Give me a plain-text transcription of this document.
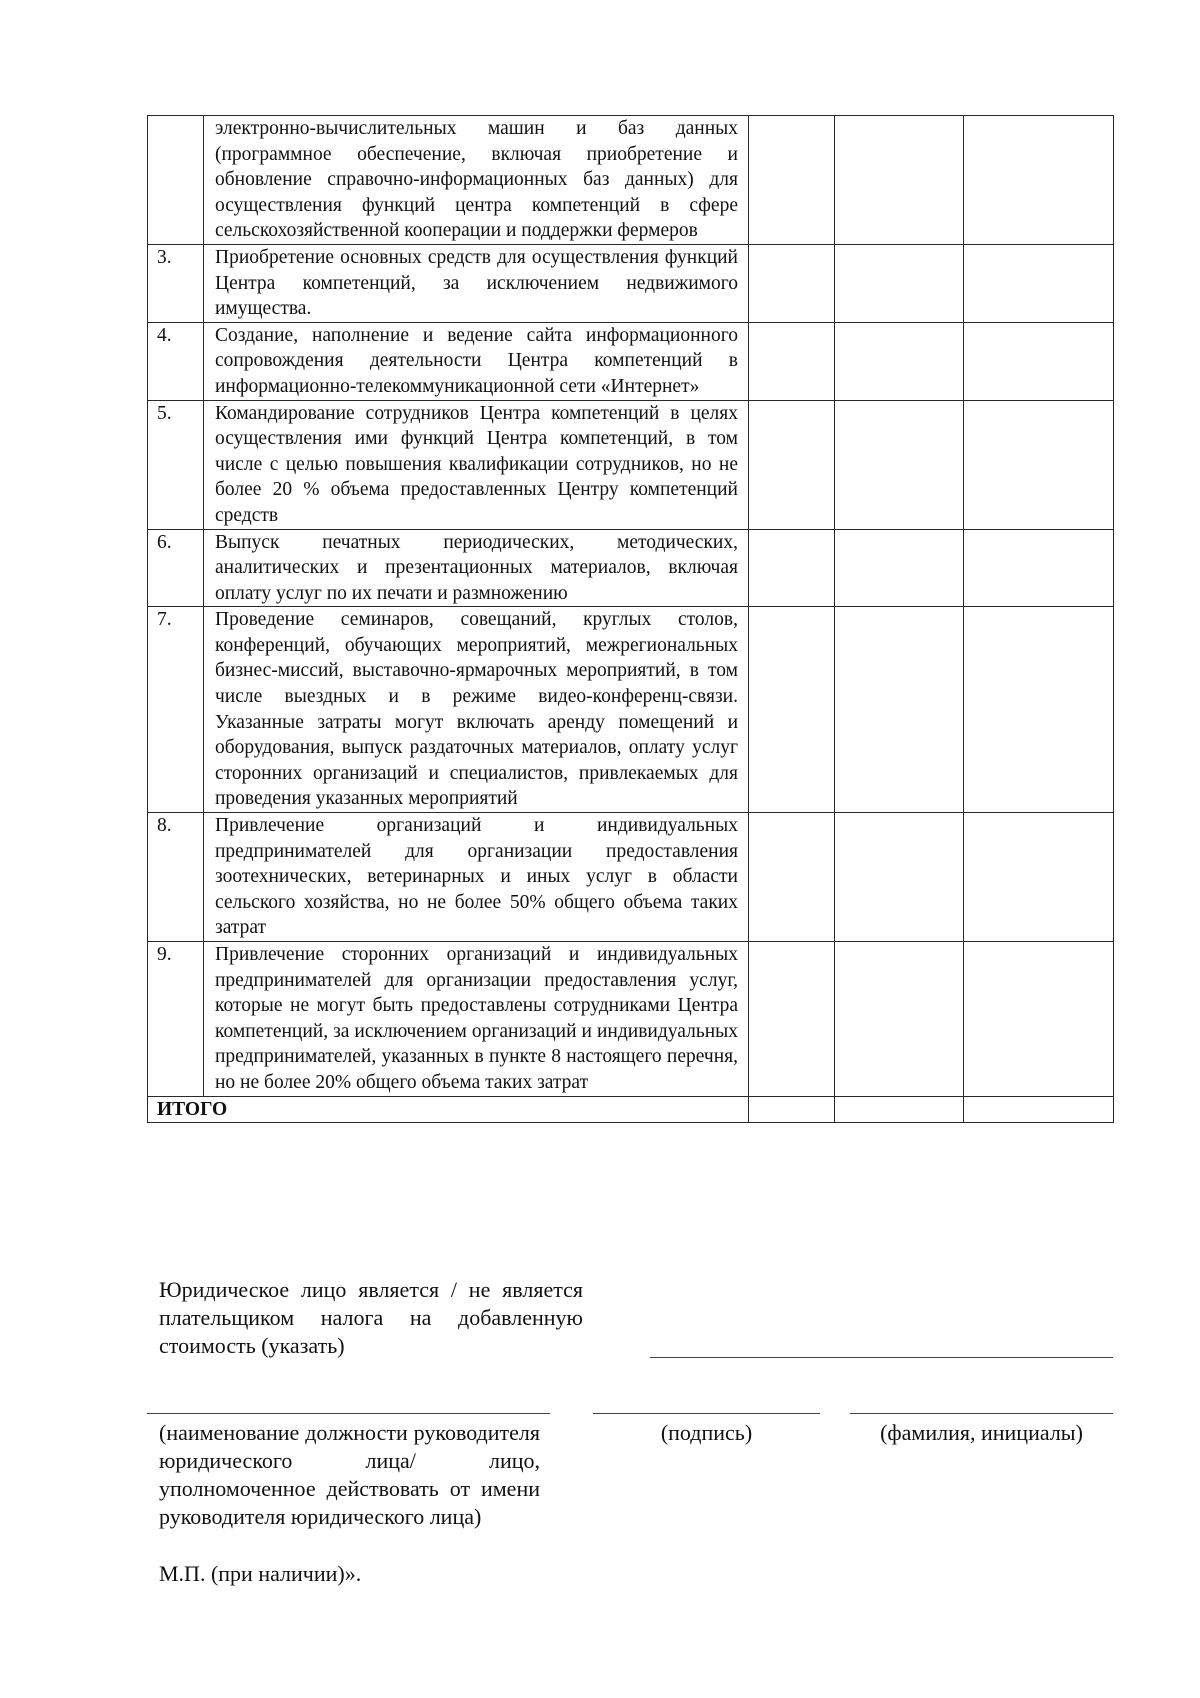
	электронно-вычислительных машин и баз данных (программное обеспечение, включая приобретение и обновление справочно-информационных баз данных) для осуществления функций центра компетенций в сфере сельскохозяйственной кооперации и поддержки фермеров			
3.	Приобретение основных средств для осуществления функций Центра компетенций, за исключением недвижимого имущества.			
4.	Создание, наполнение и ведение сайта информационного сопровождения деятельности Центра компетенций в информационно-телекоммуникационной сети «Интернет»			
5.	Командирование сотрудников Центра компетенций в целях осуществления ими функций Центра компетенций, в том числе с целью повышения квалификации сотрудников, но не более 20 % объема предоставленных Центру компетенций средств			
6.	Выпуск печатных периодических, методических, аналитических и презентационных материалов, включая оплату услуг по их печати и размножению			
7.	Проведение семинаров, совещаний, круглых столов, конференций, обучающих мероприятий, межрегиональных бизнес-миссий, выставочно-ярмарочных мероприятий, в том числе выездных и в режиме видео-конференц-связи. Указанные затраты могут включать аренду помещений и оборудования, выпуск раздаточных материалов, оплату услуг сторонних организаций и специалистов, привлекаемых для проведения указанных мероприятий			
8.	Привлечение организаций и индивидуальных предпринимателей для организации предоставления зоотехнических, ветеринарных и иных услуг в области сельского хозяйства, но не более 50% общего объема таких затрат			
9.	Привлечение сторонних организаций и индивидуальных предпринимателей для организации предоставления услуг, которые не могут быть предоставлены сотрудниками Центра компетенций, за исключением организаций и индивидуальных предпринимателей, указанных в пункте 8 настоящего перечня, но не более 20% общего объема таких затрат			
ИТОГО				
Юридическое лицо является / не является плательщиком налога на добавленную стоимость (указать)
(наименование должности руководителя юридического лица/ лицо, уполномоченное действовать от имени руководителя юридического лица)
(подпись)	(фамилия, инициалы)
М.П. (при наличии)».
